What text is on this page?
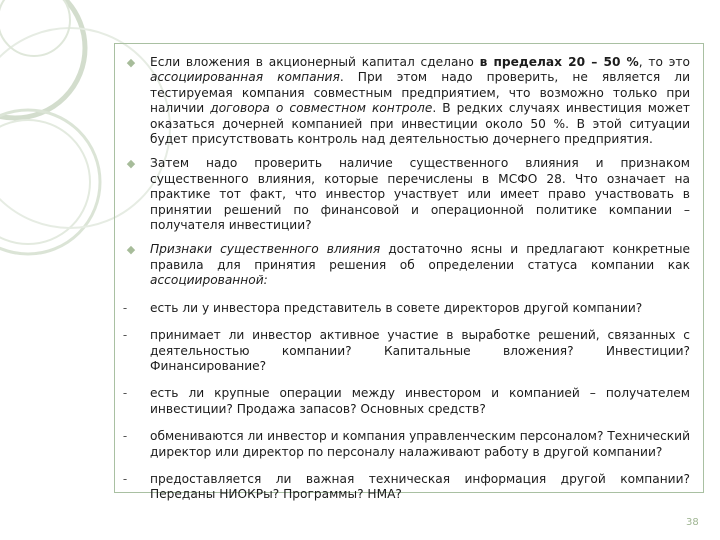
◆ Если вложения в акционерный капитал сделано в пределах 20 – 50 %, то это ассоциированная компания. При этом надо проверить, не является ли тестируемая компания совместным предприятием, что возможно только при наличии договора о совместном контроле. В редких случаях инвестиция может оказаться дочерней компанией при инвестиции около 50 %. В этой ситуации будет присутствовать контроль над деятельностью дочернего предприятия.
◆ Затем надо проверить наличие существенного влияния и признаком существенного влияния, которые перечислены в МСФО 28. Что означает на практике тот факт, что инвестор участвует или имеет право участвовать в принятии решений по финансовой и операционной политике компании – получателя инвестиции?
◆ Признаки существенного влияния достаточно ясны и предлагают конкретные правила для принятия решения об определении статуса компании как ассоциированной:
-	есть ли у инвестора представитель в совете директоров другой компании?
-	принимает ли инвестор активное участие в выработке решений, связанных с деятельностью компании? Капитальные вложения? Инвестиции? Финансирование?
-	есть ли крупные операции между инвестором и компанией – получателем инвестиции? Продажа запасов? Основных средств?
-	обмениваются ли инвестор и компания управленческим персоналом? Технический директор или директор по персоналу налаживают работу в другой компании?
-	предоставляется ли важная техническая информация другой компании? Переданы НИОКРы? Программы? НМА?
38
